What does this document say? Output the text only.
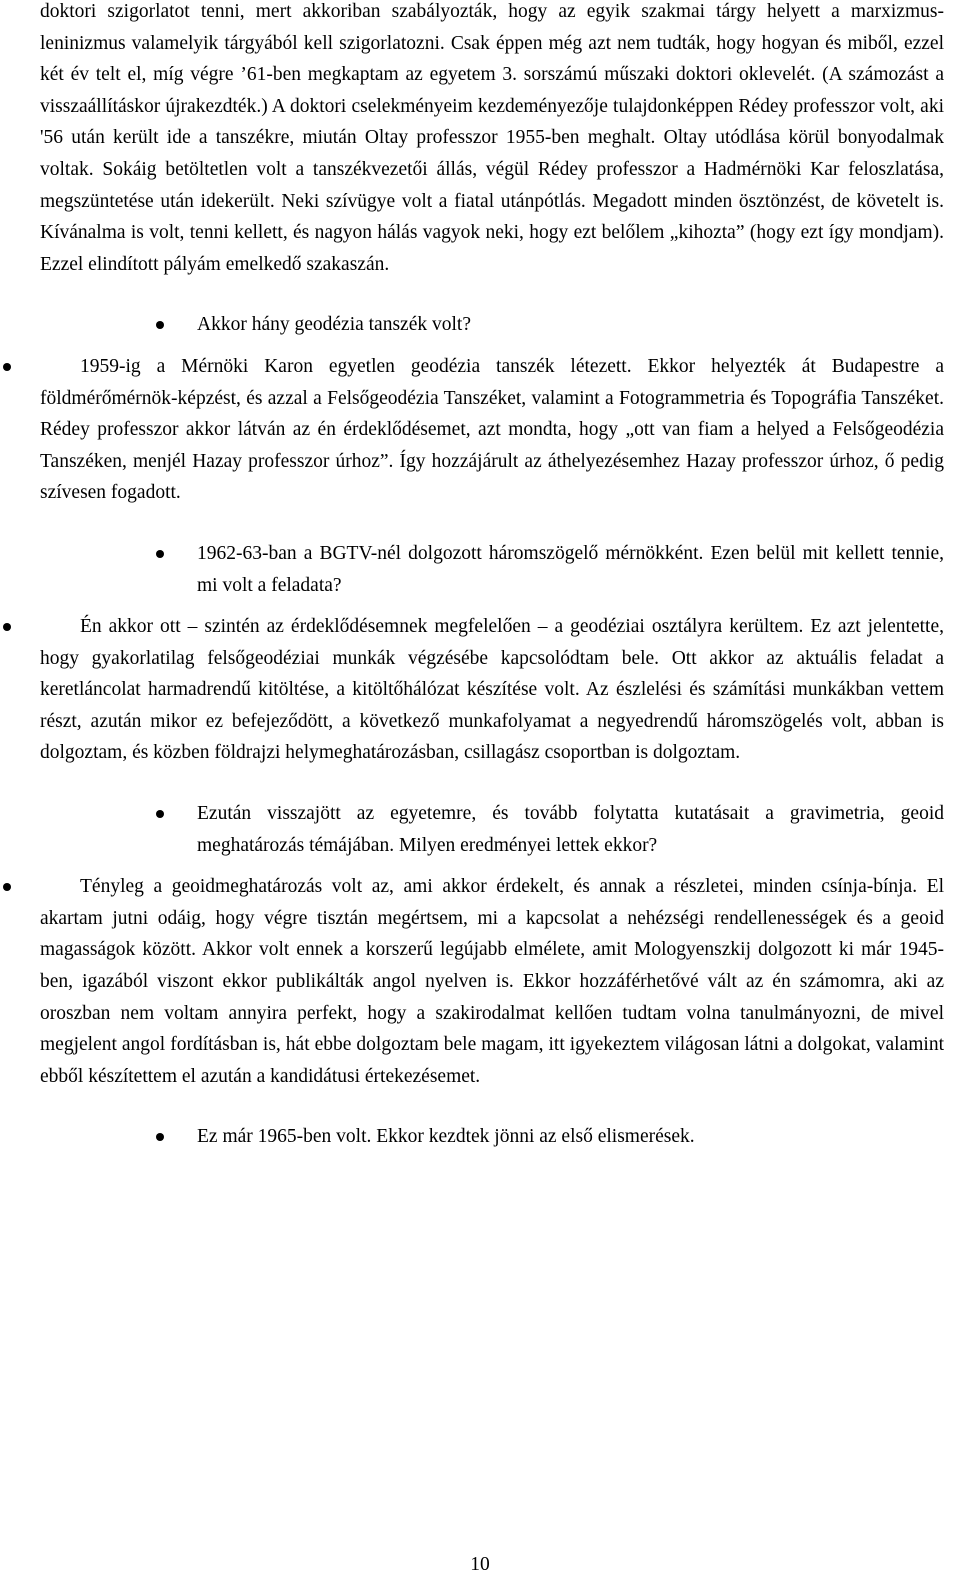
doktori szigorlatot tenni, mert akkoriban szabályozták, hogy az egyik szakmai tárgy helyett a marxizmus-leninizmus valamelyik tárgyából kell szigorlatozni. Csak éppen még azt nem tudták, hogy hogyan és miből, ezzel két év telt el, míg végre ’61-ben megkaptam az egyetem 3. sorszámú műszaki doktori oklevelét. (A számozást a visszaállításkor újrakezdték.) A doktori cselekményeim kezdeményezője tulajdonképpen Rédey professzor volt, aki '56 után került ide a tanszékre, miután Oltay professzor 1955-ben meghalt. Oltay utódlása körül bonyodalmak voltak. Sokáig betöltetlen volt a tanszékvezetői állás, végül Rédey professzor a Hadmérnöki Kar feloszlatása, megszüntetése után idekerült. Neki szívügye volt a fiatal utánpótlás. Megadott minden ösztönzést, de követelt is. Kívánalma is volt, tenni kellett, és nagyon hálás vagyok neki, hogy ezt belőlem „kihozta” (hogy ezt így mondjam). Ezzel elindított pályám emelkedő szakaszán.

Akkor hány geodézia tanszék volt?

1959-ig a Mérnöki Karon egyetlen geodézia tanszék létezett. Ekkor helyezték át Budapestre a földmérőmérnök-képzést, és azzal a Felsőgeodézia Tanszéket, valamint a Fotogrammetria és Topográfia Tanszéket. Rédey professzor akkor látván az én érdeklődésemet, azt mondta, hogy „ott van fiam a helyed a Felsőgeodézia Tanszéken, menjél Hazay professzor úrhoz”. Így hozzájárult az áthelyezésemhez Hazay professzor úrhoz, ő pedig szívesen fogadott.

1962-63-ban a BGTV-nél dolgozott háromszögelő mérnökként. Ezen belül mit kellett tennie, mi volt a feladata?

Én akkor ott – szintén az érdeklődésemnek megfelelően – a geodéziai osztályra kerültem. Ez azt jelentette, hogy gyakorlatilag felsőgeodéziai munkák végzésébe kapcsolódtam bele. Ott akkor az aktuális feladat a keretláncolat harmadrendű kitöltése, a kitöltőhálózat készítése volt. Az észlelési és számítási munkákban vettem részt, azután mikor ez befejeződött, a következő munkafolyamat a negyedrendű háromszögelés volt, abban is dolgoztam, és közben földrajzi helymeghatározásban, csillagász csoportban is dolgoztam.

Ezután visszajött az egyetemre, és tovább folytatta kutatásait a gravimetria, geoid meghatározás témájában. Milyen eredményei lettek ekkor?

Tényleg a geoidmeghatározás volt az, ami akkor érdekelt, és annak a részletei, minden csínja-bínja. El akartam jutni odáig, hogy végre tisztán megértsem, mi a kapcsolat a nehézségi rendellenességek és a geoid magasságok között. Akkor volt ennek a korszerű legújabb elmélete, amit Mologyenszkij dolgozott ki már 1945-ben, igazából viszont ekkor publikálták angol nyelven is. Ekkor hozzáférhetővé vált az én számomra, aki az oroszban nem voltam annyira perfekt, hogy a szakirodalmat kellően tudtam volna tanulmányozni, de mivel megjelent angol fordításban is, hát ebbe dolgoztam bele magam, itt igyekeztem világosan látni a dolgokat, valamint ebből készítettem el azután a kandidátusi értekezésemet.

Ez már 1965-ben volt. Ekkor kezdtek jönni az első elismerések.
10
